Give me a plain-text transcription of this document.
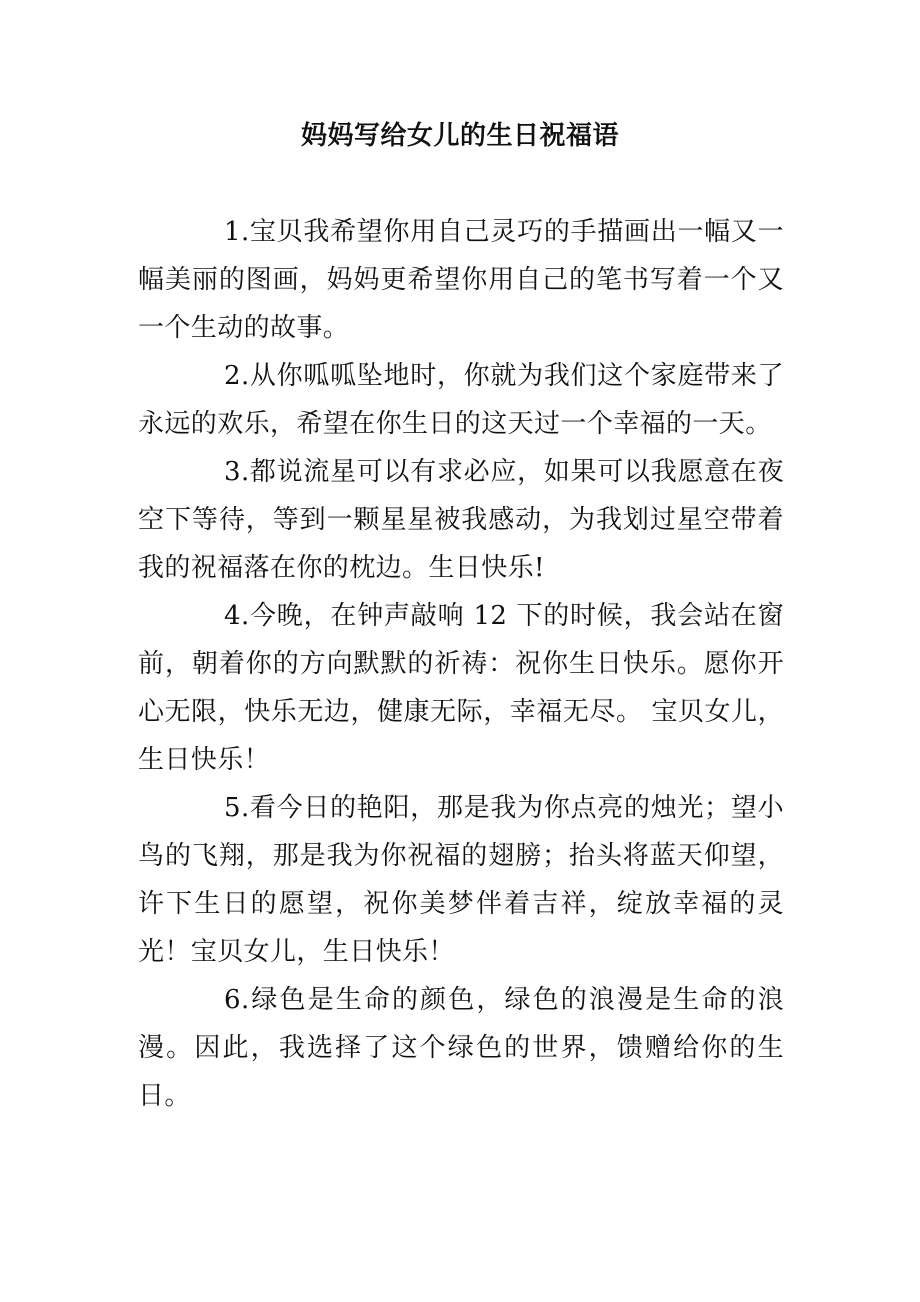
妈妈写给女儿的生日祝福语

1.宝贝我希望你用自己灵巧的手描画出一幅又一幅美丽的图画，妈妈更希望你用自己的笔书写着一个又一个生动的故事。

2.从你呱呱坠地时，你就为我们这个家庭带来了永远的欢乐，希望在你生日的这天过一个幸福的一天。

3.都说流星可以有求必应，如果可以我愿意在夜空下等待，等到一颗星星被我感动，为我划过星空带着我的祝福落在你的枕边。生日快乐!

4.今晚，在钟声敲响 12 下的时候，我会站在窗前，朝着你的方向默默的祈祷：祝你生日快乐。愿你开心无限，快乐无边，健康无际，幸福无尽。 宝贝女儿，生日快乐！

5.看今日的艳阳，那是我为你点亮的烛光；望小鸟的飞翔，那是我为你祝福的翅膀；抬头将蓝天仰望，许下生日的愿望，祝你美梦伴着吉祥，绽放幸福的灵光！宝贝女儿，生日快乐！

6.绿色是生命的颜色，绿色的浪漫是生命的浪漫。因此，我选择了这个绿色的世界，馈赠给你的生日。
